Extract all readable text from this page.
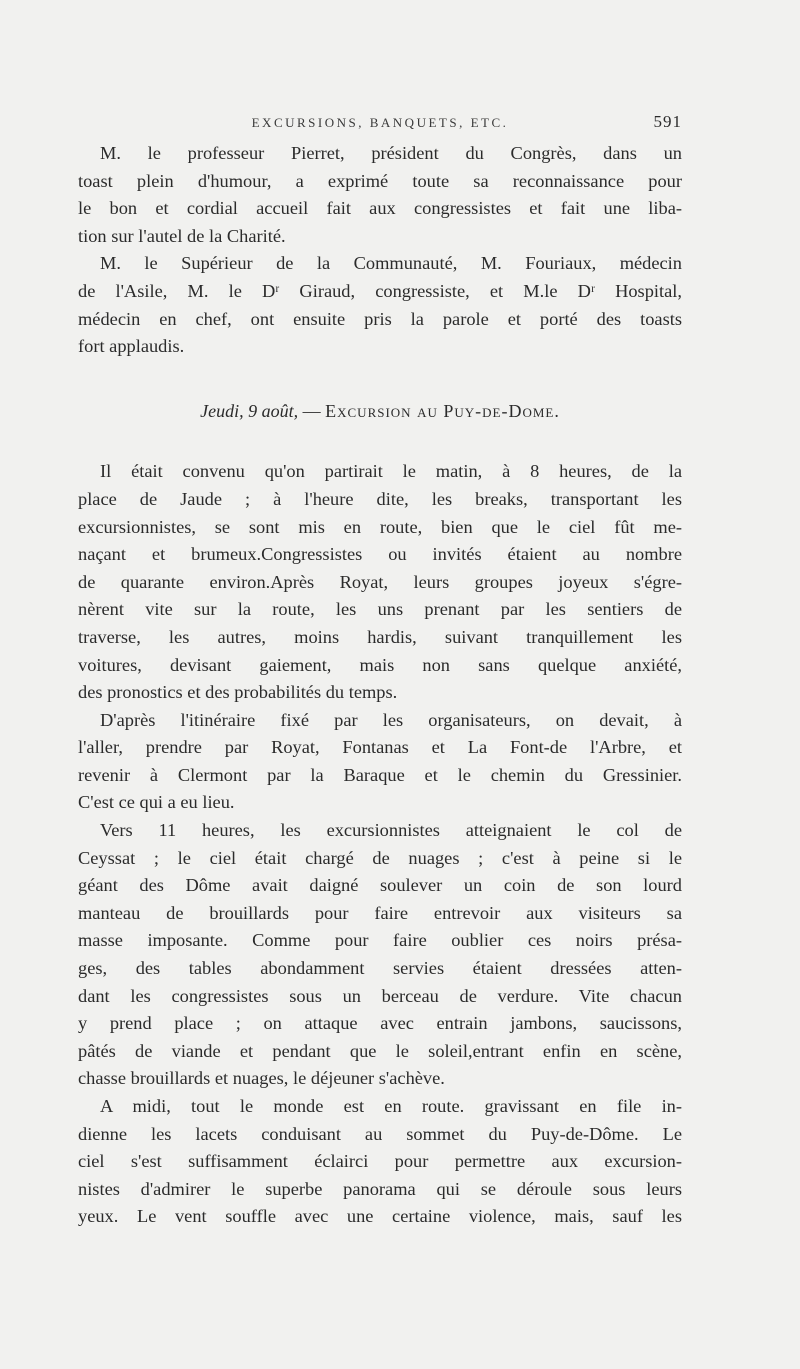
EXCURSIONS, BANQUETS, ETC.	591
M. le professeur Pierret, président du Congrès, dans un
toast plein d'humour, a exprimé toute sa reconnaissance pour
le bon et cordial accueil fait aux congressistes et fait une liba-
tion sur l'autel de la Charité.
M. le Supérieur de la Communauté, M. Fouriaux, médecin
de l'Asile, M. le Dʳ Giraud, congressiste, et M.le Dʳ Hospital,
médecin en chef, ont ensuite pris la parole et porté des toasts
fort applaudis.
Jeudi, 9 août, — Excursion au Puy-de-Dome.
Il était convenu qu'on partirait le matin, à 8 heures, de la
place de Jaude ; à l'heure dite, les breaks, transportant les
excursionnistes, se sont mis en route, bien que le ciel fût me-
naçant et brumeux.Congressistes ou invités étaient au nombre
de quarante environ.Après Royat, leurs groupes joyeux s'égre-
nèrent vite sur la route, les uns prenant par les sentiers de
traverse, les autres, moins hardis, suivant tranquillement les
voitures, devisant gaiement, mais non sans quelque anxiété,
des pronostics et des probabilités du temps.
D'après l'itinéraire fixé par les organisateurs, on devait, à
l'aller, prendre par Royat, Fontanas et La Font-de l'Arbre, et
revenir à Clermont par la Baraque et le chemin du Gressinier.
C'est ce qui a eu lieu.
Vers 11 heures, les excursionnistes atteignaient le col de
Ceyssat ; le ciel était chargé de nuages ; c'est à peine si le
géant des Dôme avait daigné soulever un coin de son lourd
manteau de brouillards pour faire entrevoir aux visiteurs sa
masse imposante. Comme pour faire oublier ces noirs présa-
ges, des tables abondamment servies étaient dressées atten-
dant les congressistes sous un berceau de verdure. Vite chacun
y prend place ; on attaque avec entrain jambons, saucissons,
pâtés de viande et pendant que le soleil,entrant enfin en scène,
chasse brouillards et nuages, le déjeuner s'achève.
A midi, tout le monde est en route. gravissant en file in-
dienne les lacets conduisant au sommet du Puy-de-Dôme. Le
ciel s'est suffisamment éclairci pour permettre aux excursion-
nistes d'admirer le superbe panorama qui se déroule sous leurs
yeux. Le vent souffle avec une certaine violence, mais, sauf les
